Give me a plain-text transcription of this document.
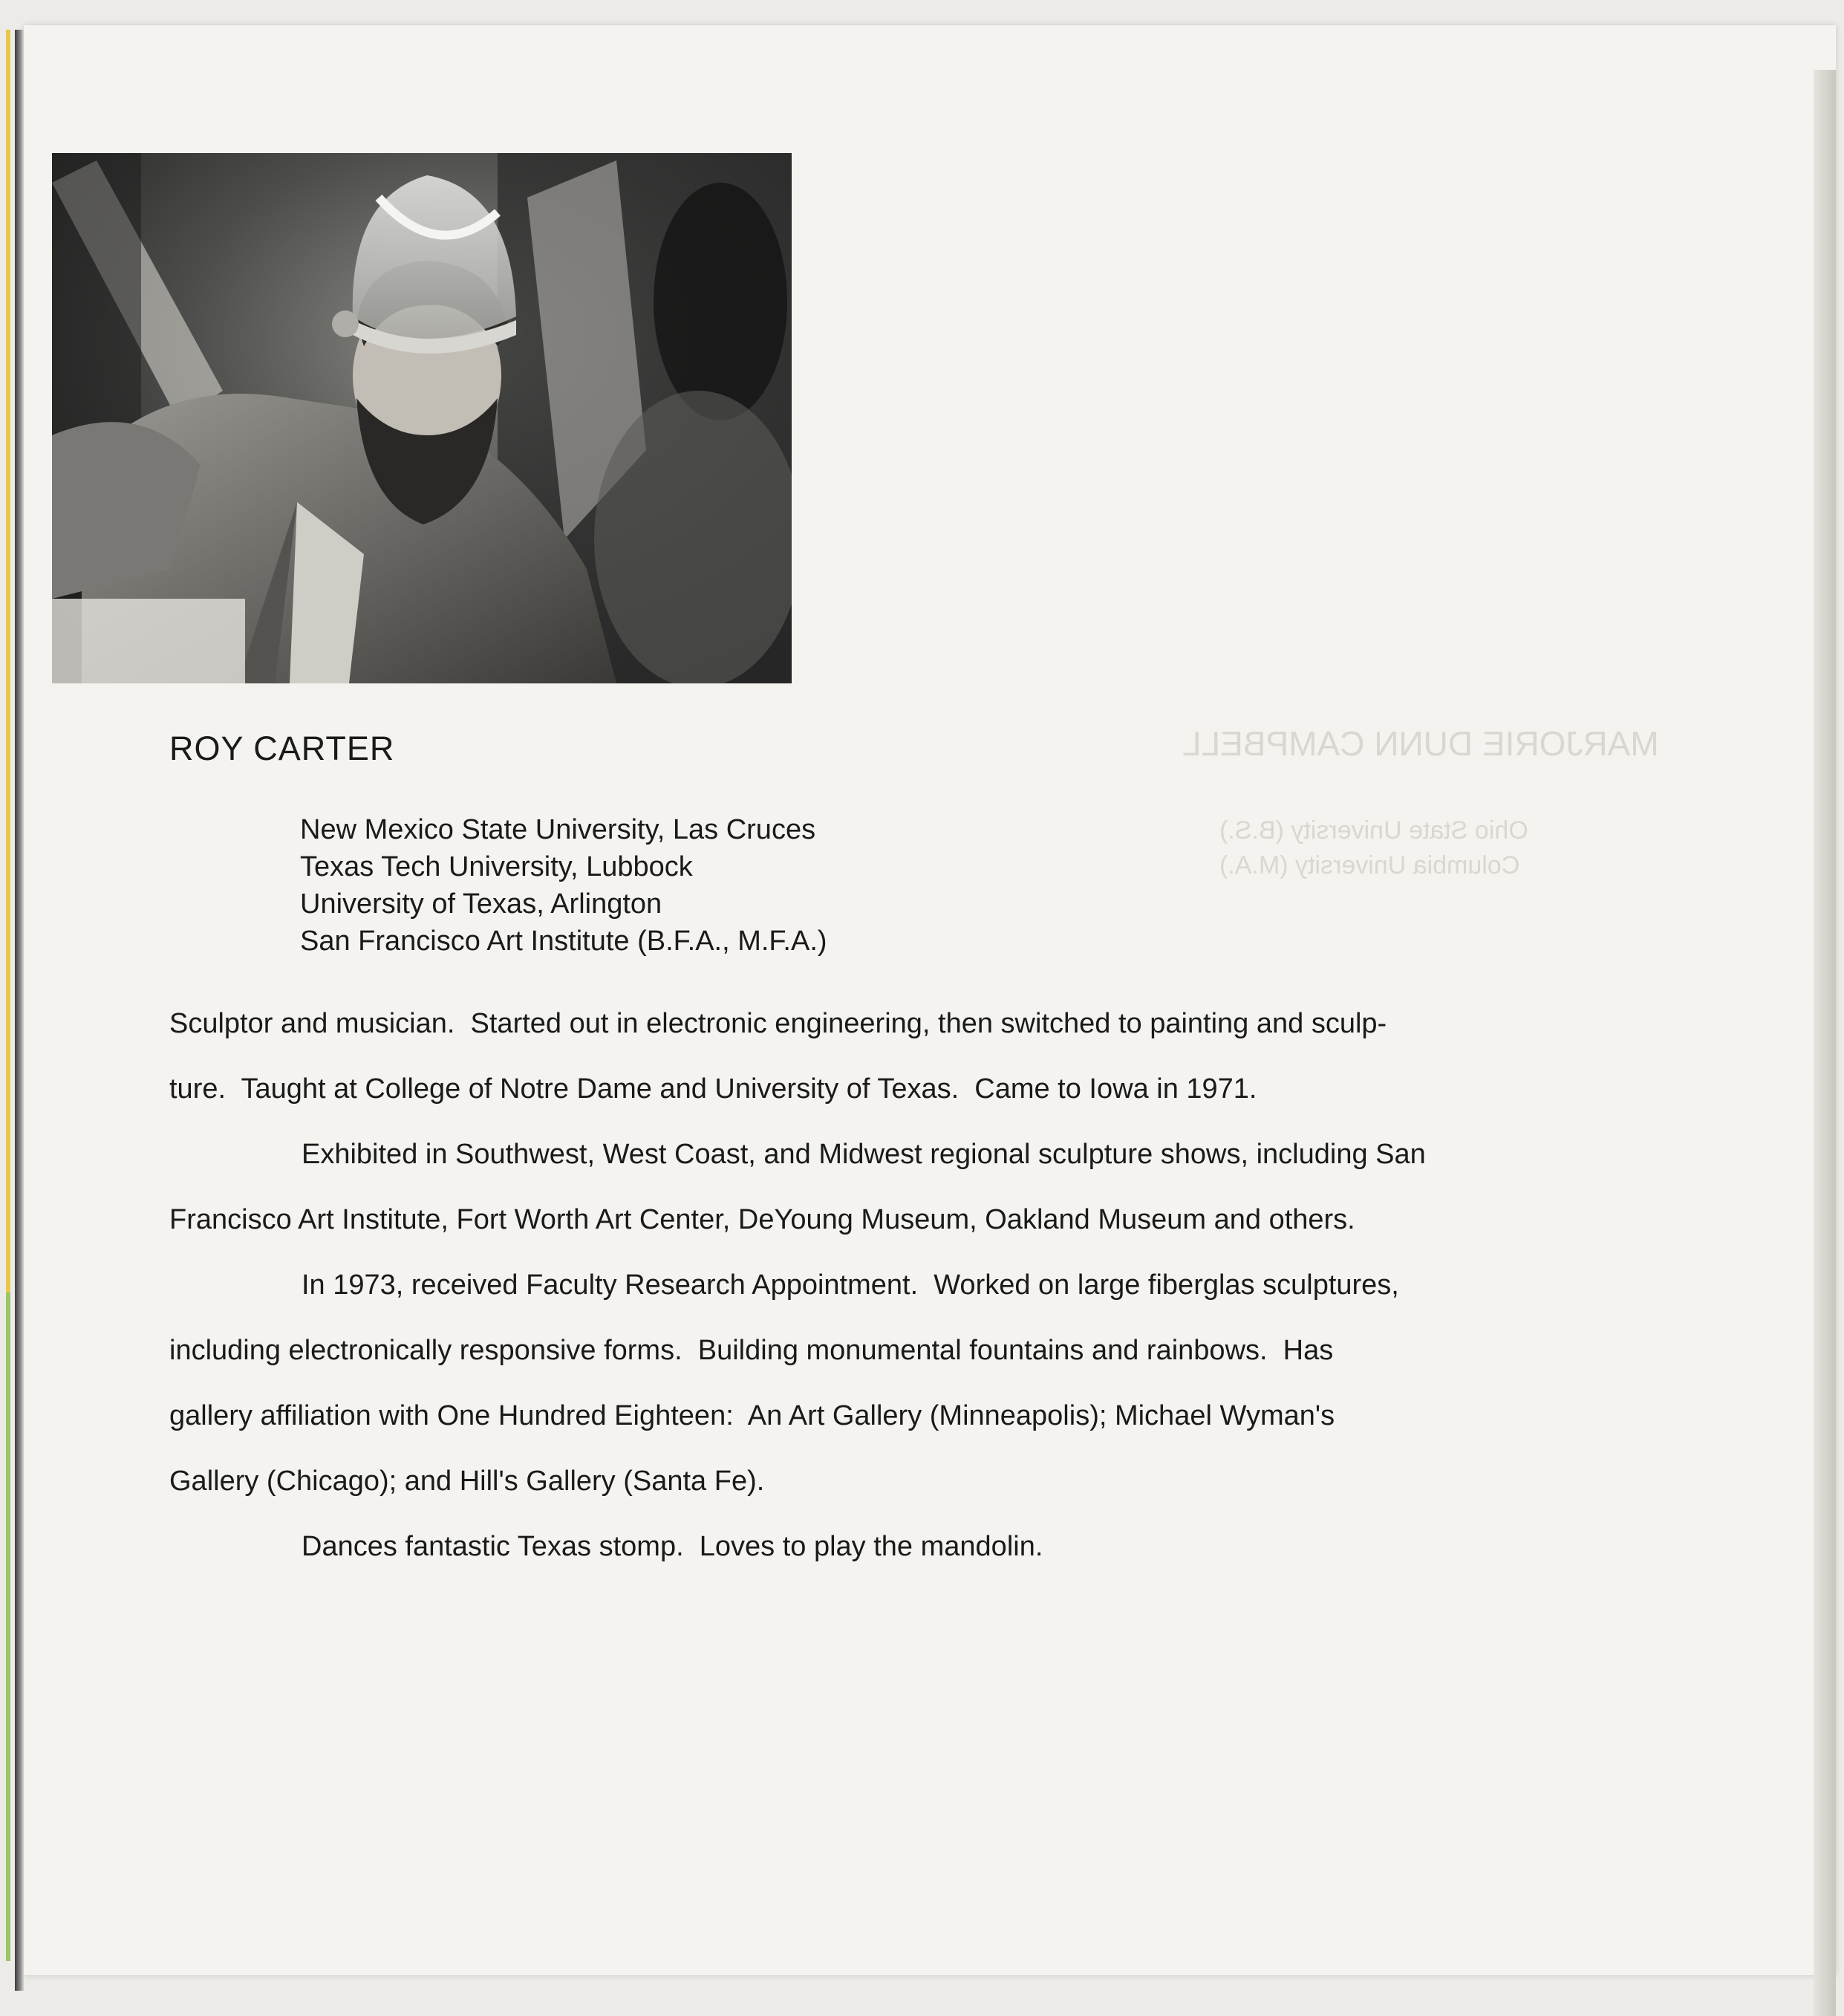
MARJORIE DUNN CAMPBELL
Ohio State University (B.S.)
Columbia University (M.A.)
ROY CARTER
New Mexico State University, Las Cruces
Texas Tech University, Lubbock
University of Texas, Arlington
San Francisco Art Institute (B.F.A., M.F.A.)

Sculptor and musician.  Started out in electronic engineering, then switched to painting and sculp-
ture.  Taught at College of Notre Dame and University of Texas.  Came to Iowa in 1971.

Exhibited in Southwest, West Coast, and Midwest regional sculpture shows, including San
Francisco Art Institute, Fort Worth Art Center, DeYoung Museum, Oakland Museum and others.

In 1973, received Faculty Research Appointment.  Worked on large fiberglas sculptures,
including electronically responsive forms.  Building monumental fountains and rainbows.  Has
gallery affiliation with One Hundred Eighteen:  An Art Gallery (Minneapolis); Michael Wyman's
Gallery (Chicago); and Hill's Gallery (Santa Fe).

Dances fantastic Texas stomp.  Loves to play the mandolin.
